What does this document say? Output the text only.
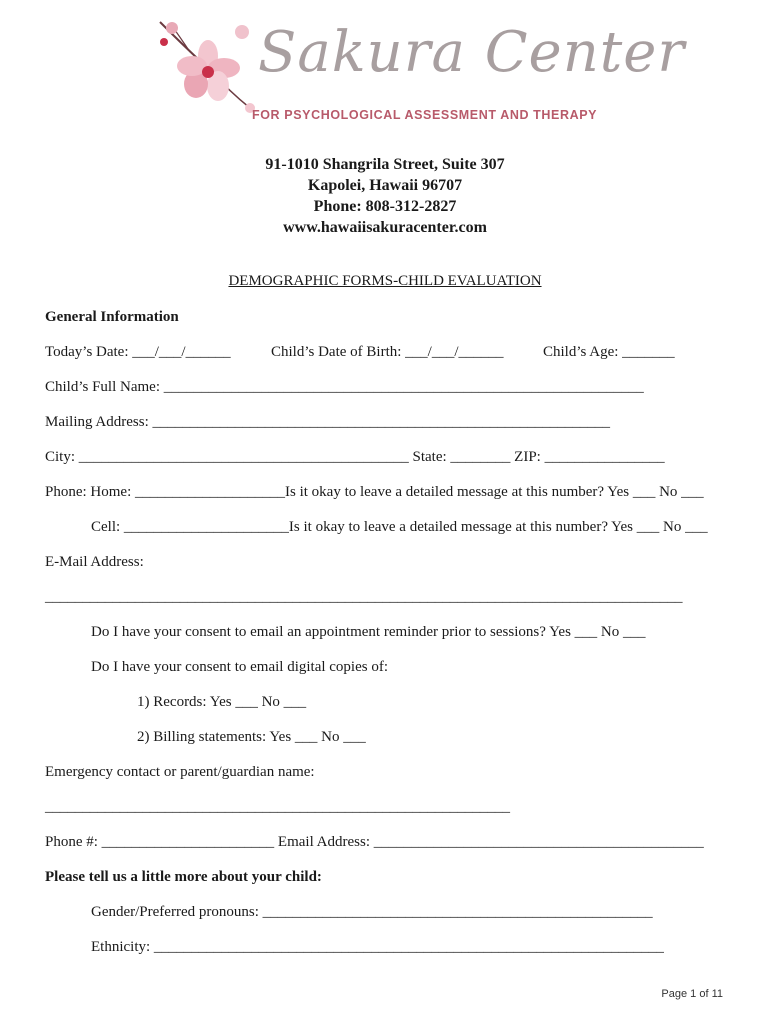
Sakura Center
FOR PSYCHOLOGICAL ASSESSMENT AND THERAPY
91-1010 Shangrila Street, Suite 307
Kapolei, Hawaii 96707
Phone: 808-312-2827
www.hawaiisakuracenter.com
DEMOGRAPHIC FORMS-CHILD EVALUATION
General Information
Today’s Date: ___/___/______	Child’s Date of Birth: ___/___/______	Child’s Age: _______
Child’s Full Name: ________________________________________________________________
Mailing Address: _____________________________________________________________
City: ____________________________________________ State: ________ ZIP: ________________
Phone: Home: ____________________Is it okay to leave a detailed message at this number? Yes ___ No ___
Cell: ______________________Is it okay to leave a detailed message at this number? Yes ___ No ___
E-Mail Address:
_____________________________________________________________________________________
Do I have your consent to email an appointment reminder prior to sessions? Yes ___ No ___
Do I have your consent to email digital copies of:
1) Records: Yes ___ No ___
2) Billing statements: Yes ___ No ___
Emergency contact or parent/guardian name:
______________________________________________________________
Phone #: _______________________ Email Address: ____________________________________________
Please tell us a little more about your child:
Gender/Preferred pronouns: ____________________________________________________
Ethnicity: ____________________________________________________________________
Page 1 of 11
